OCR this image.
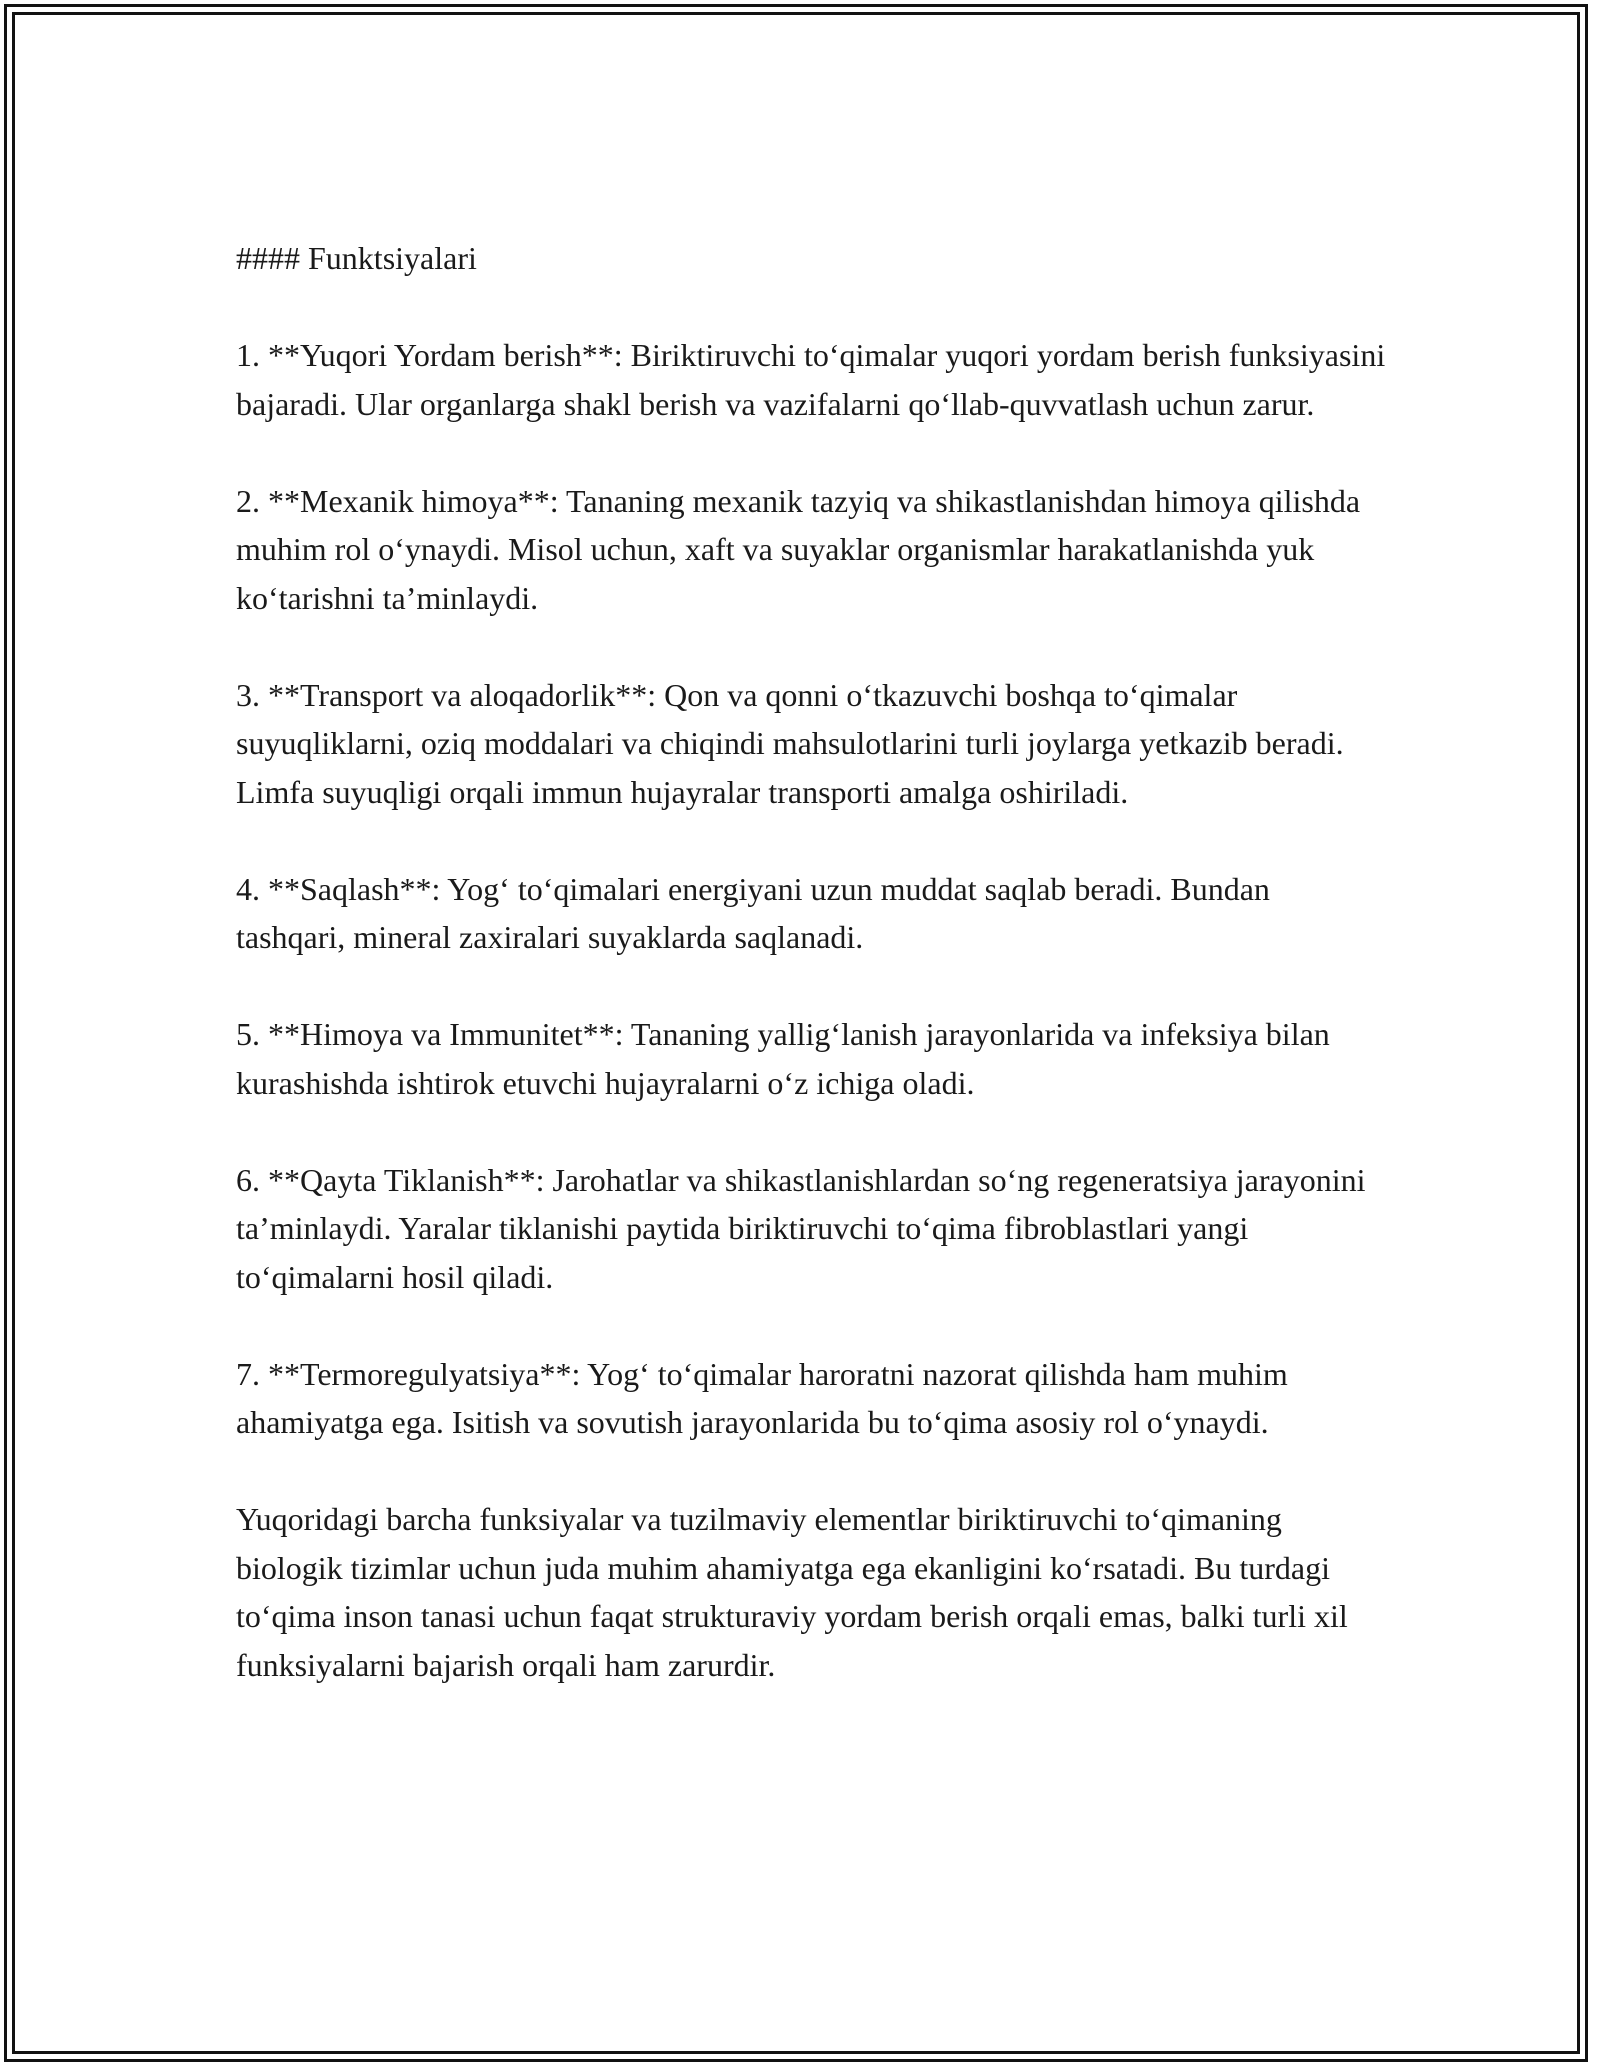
#### Funktsiyalari

1. **Yuqori Yordam berish**: Biriktiruvchi to‘qimalar yuqori yordam berish funksiyasini bajaradi. Ular organlarga shakl berish va vazifalarni qo‘llab-quvvatlash uchun zarur.

2. **Mexanik himoya**: Tananing mexanik tazyiq va shikastlanishdan himoya qilishda muhim rol o‘ynaydi. Misol uchun, xaft va suyaklar organismlar harakatlanishda yuk ko‘tarishni ta’minlaydi.

3. **Transport va aloqadorlik**: Qon va qonni o‘tkazuvchi boshqa to‘qimalar suyuqliklarni, oziq moddalari va chiqindi mahsulotlarini turli joylarga yetkazib beradi. Limfa suyuqligi orqali immun hujayralar transporti amalga oshiriladi.

4. **Saqlash**: Yog‘ to‘qimalari energiyani uzun muddat saqlab beradi. Bundan tashqari, mineral zaxiralari suyaklarda saqlanadi.

5. **Himoya va Immunitet**: Tananing yallig‘lanish jarayonlarida va infeksiya bilan kurashishda ishtirok etuvchi hujayralarni o‘z ichiga oladi.

6. **Qayta Tiklanish**: Jarohatlar va shikastlanishlardan so‘ng regeneratsiya jarayonini ta’minlaydi. Yaralar tiklanishi paytida biriktiruvchi to‘qima fibroblastlari yangi to‘qimalarni hosil qiladi.

7. **Termoregulyatsiya**: Yog‘ to‘qimalar haroratni nazorat qilishda ham muhim ahamiyatga ega. Isitish va sovutish jarayonlarida bu to‘qima asosiy rol o‘ynaydi.

Yuqoridagi barcha funksiyalar va tuzilmaviy elementlar biriktiruvchi to‘qimaning biologik tizimlar uchun juda muhim ahamiyatga ega ekanligini ko‘rsatadi. Bu turdagi to‘qima inson tanasi uchun faqat strukturaviy yordam berish orqali emas, balki turli xil funksiyalarni bajarish orqali ham zarurdir.
